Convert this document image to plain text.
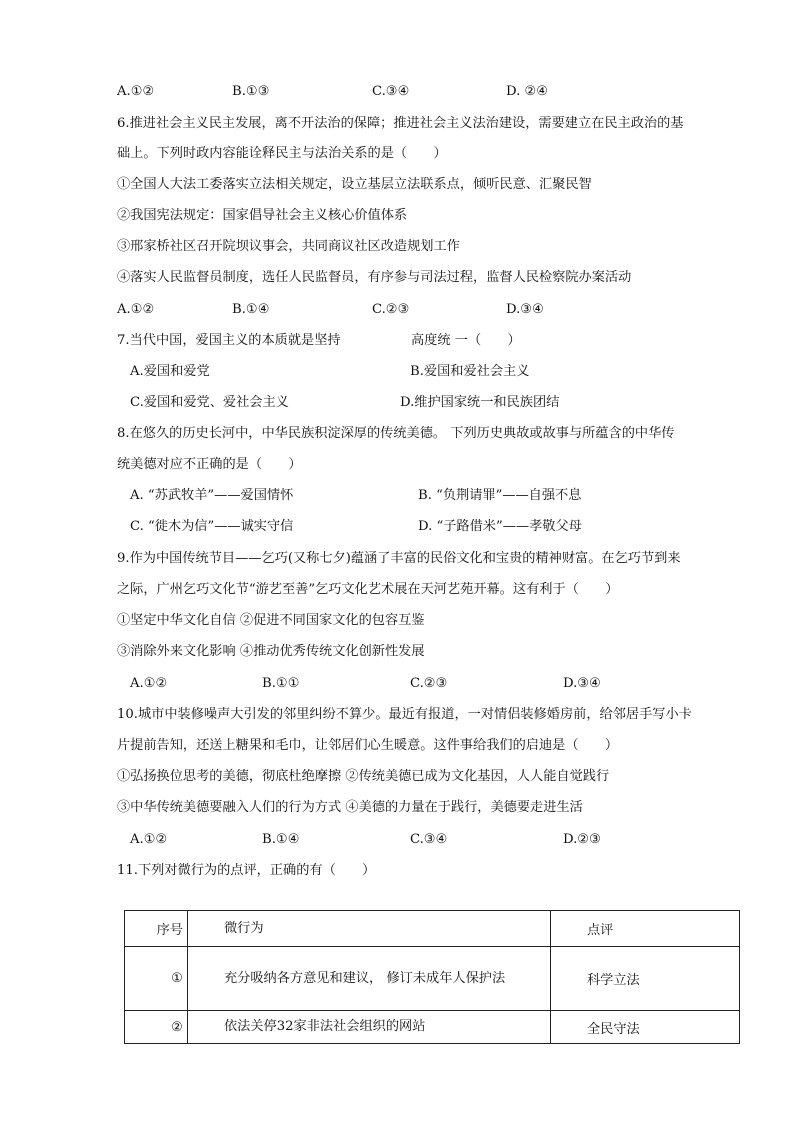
A.①②	B.①③	C.③④	D. ②④
6.推进社会主义民主发展，离不开法治的保障；推进社会主义法治建设，需要建立在民主政治的基
础上。下列时政内容能诠释民主与法治关系的是（　　）
①全国人大法工委落实立法相关规定，设立基层立法联系点，倾听民意、汇聚民智
②我国宪法规定：国家倡导社会主义核心价值体系
③邢家桥社区召开院坝议事会，共同商议社区改造规划工作
④落实人民监督员制度，选任人民监督员，有序参与司法过程，监督人民检察院办案活动
A.①②	B.①④	C.②③	D.③④
7.当代中国，爱国主义的本质就是坚持	高度统 一（　　）
A.爱国和爱党	B.爱国和爱社会主义
C.爱国和爱党、爱社会主义	D.维护国家统一和民族团结
8.在悠久的历史长河中，中华民族积淀深厚的传统美德。 下列历史典故或故事与所蕴含的中华传
统美德对应不正确的是（　　）
A. “苏武牧羊”——爱国情怀	B. “负荆请罪”——自强不息
C. “徙木为信”——诚实守信	D. “子路借米”——孝敬父母
9.作为中国传统节目——乞巧(又称七夕)蕴涵了丰富的民俗文化和宝贵的精神财富。在乞巧节到来
之际，广州乞巧文化节“游艺至善”乞巧文化艺术展在天河艺苑开幕。这有利于（　　）
①坚定中华文化自信 ②促进不同国家文化的包容互鉴
③消除外来文化影响 ④推动优秀传统文化创新性发展
A.①②	B.①①	C.②③	D.③④
10.城市中装修噪声大引发的邻里纠纷不算少。最近有报道，一对情侣装修婚房前，给邻居手写小卡
片提前告知，还送上糖果和毛巾，让邻居们心生暖意。这件事给我们的启迪是（　　）
①弘扬换位思考的美德，彻底杜绝摩擦 ②传统美德已成为文化基因，人人能自觉践行
③中华传统美德要融入人们的行为方式 ④美德的力量在于践行，美德要走进生活
A.①②	B.①④	C.③④	D.②③
11.下列对微行为的点评，正确的有（　　）
序号	微行为	点评
①	充分吸纳各方意见和建议， 修订未成年人保护法	科学立法
②	依法关停32家非法社会组织的网站	全民守法
